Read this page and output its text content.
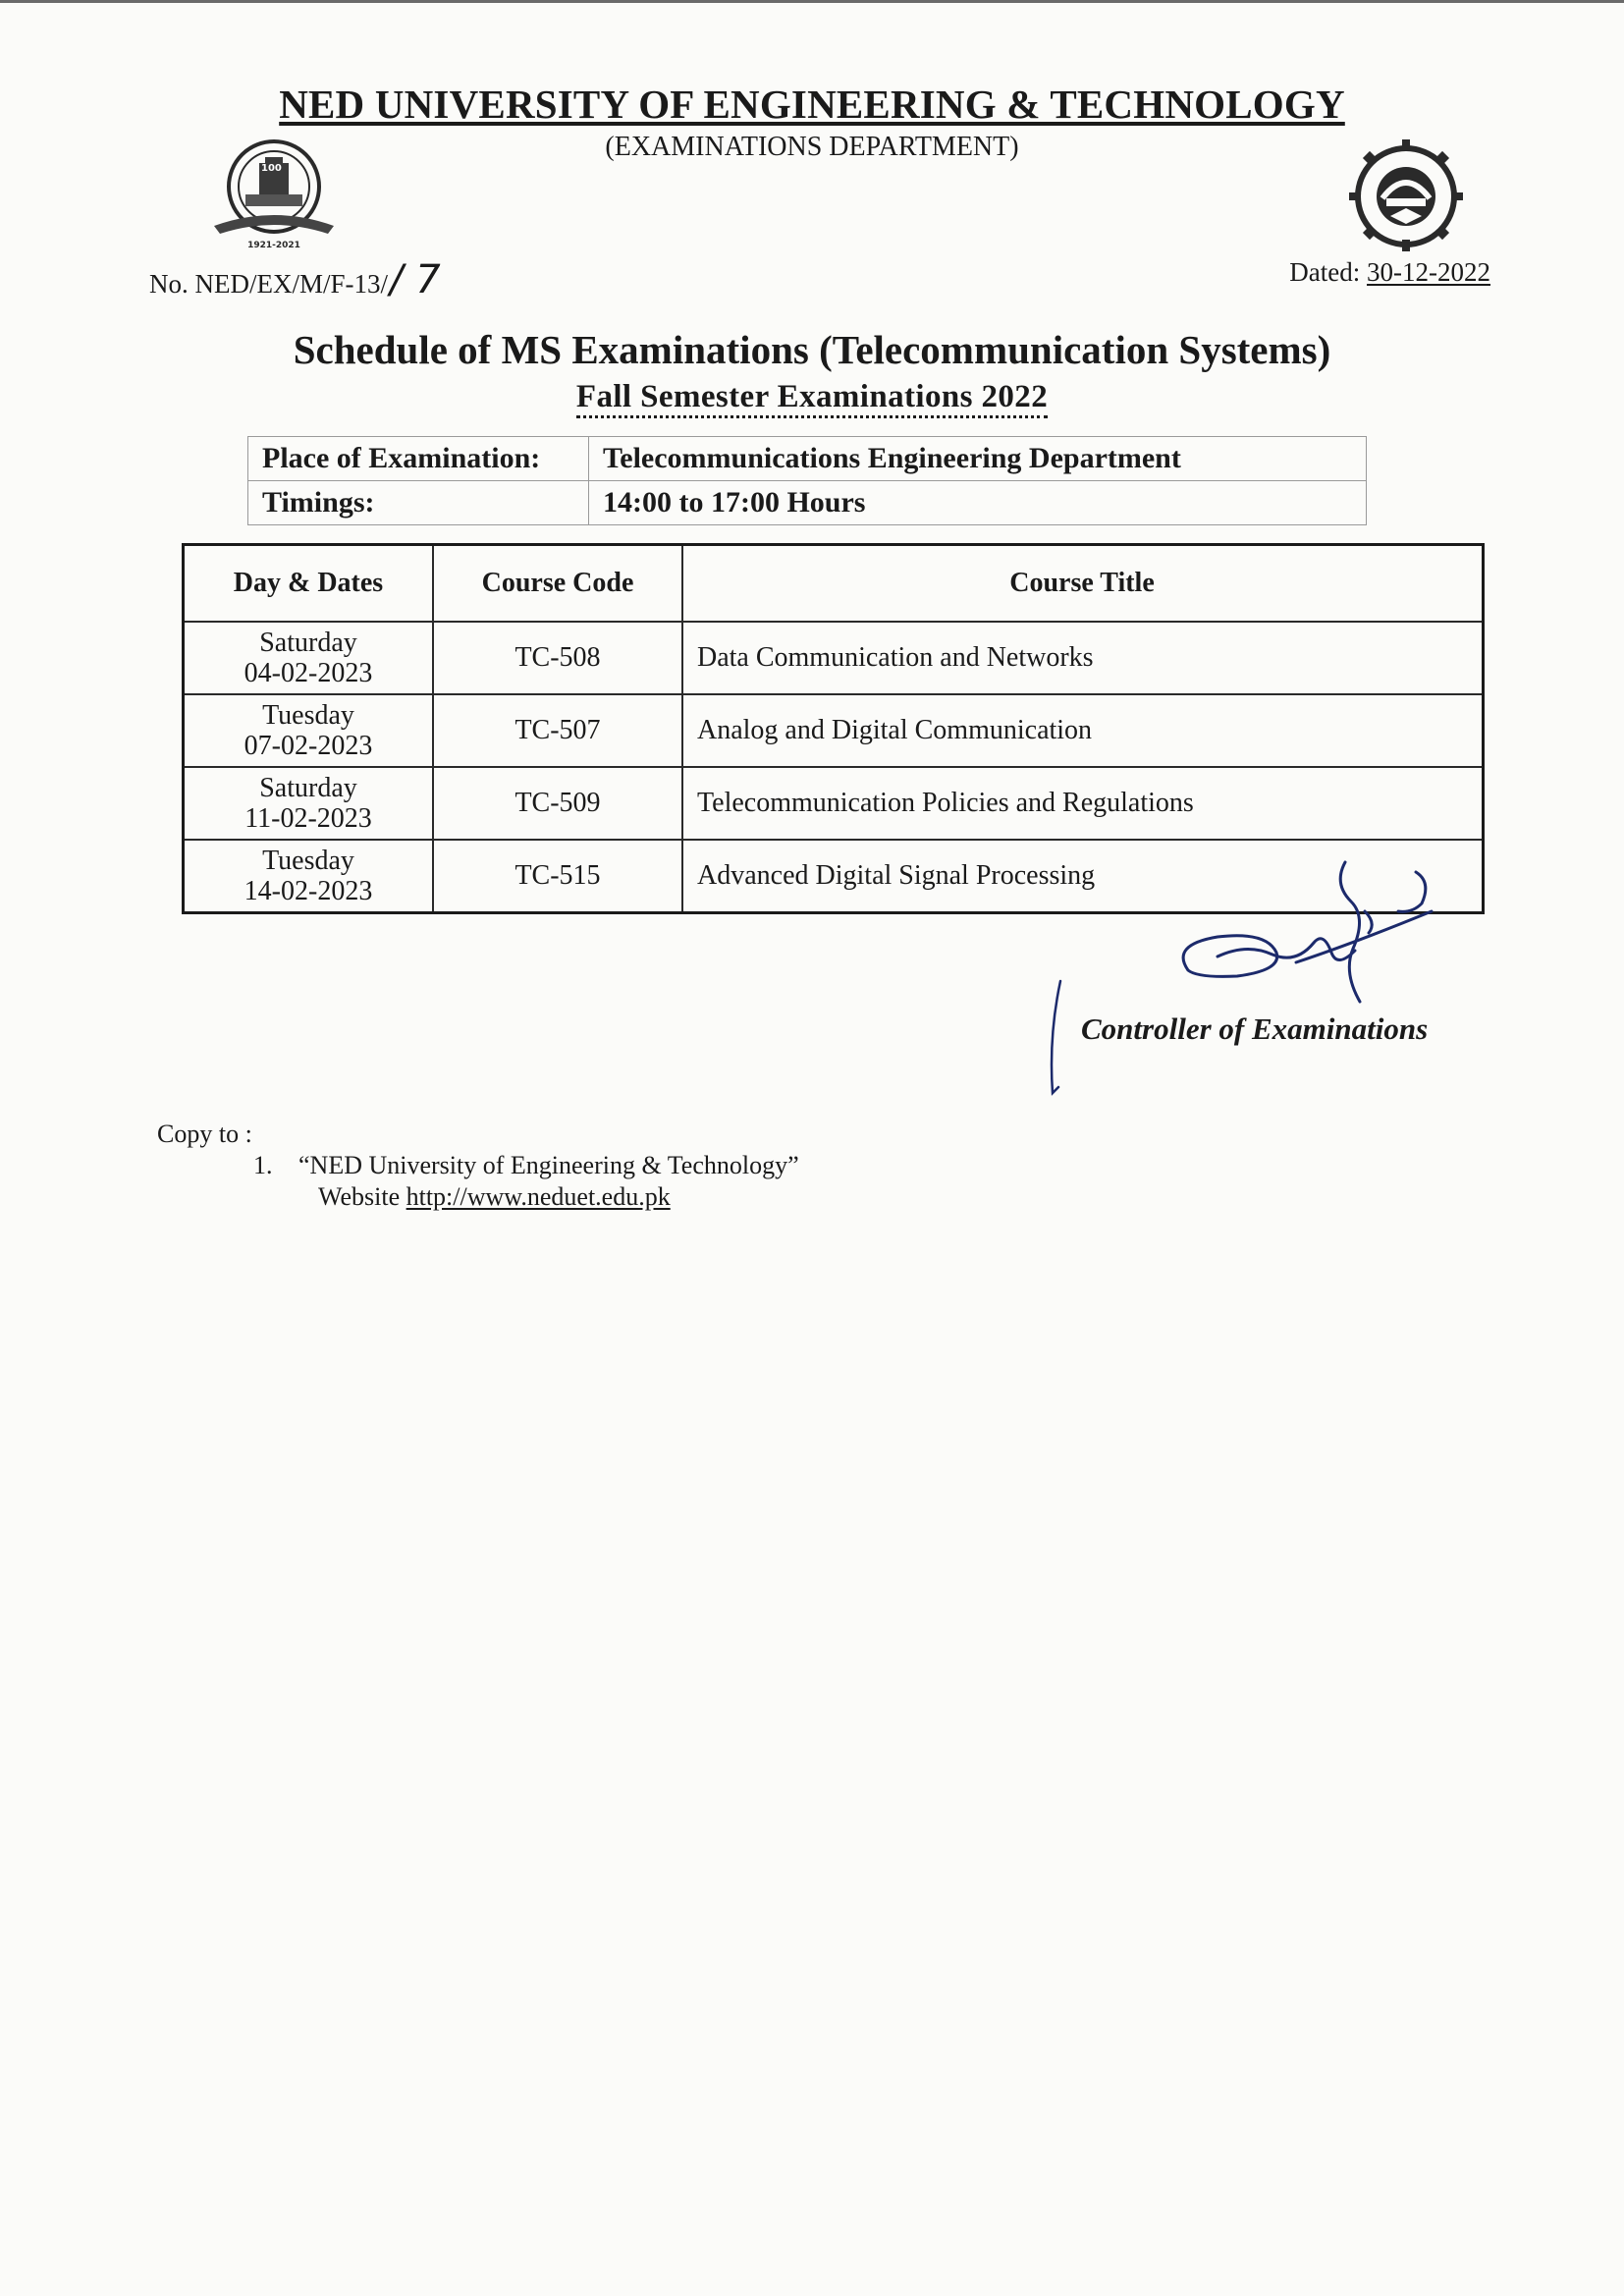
NED UNIVERSITY OF ENGINEERING & TECHNOLOGY
(EXAMINATIONS DEPARTMENT)
100
1921-2021
No. NED/EX/M/F-13// 7	Dated: 30-12-2022
Schedule of MS Examinations (Telecommunication Systems)
Fall Semester Examinations 2022
Place of Examination:	Telecommunications Engineering Department
Timings:	14:00 to 17:00 Hours
Day & Dates	Course Code	Course Title

Saturday
04-02-2023	TC-508	Data Communication and Networks

Tuesday
07-02-2023	TC-507	Analog and Digital Communication

Saturday
11-02-2023	TC-509	Telecommunication Policies and Regulations

Tuesday
14-02-2023	TC-515	Advanced Digital Signal Processing
Controller of Examinations
Copy to :
1. “NED University of Engineering & Technology”
Website http://www.neduet.edu.pk
